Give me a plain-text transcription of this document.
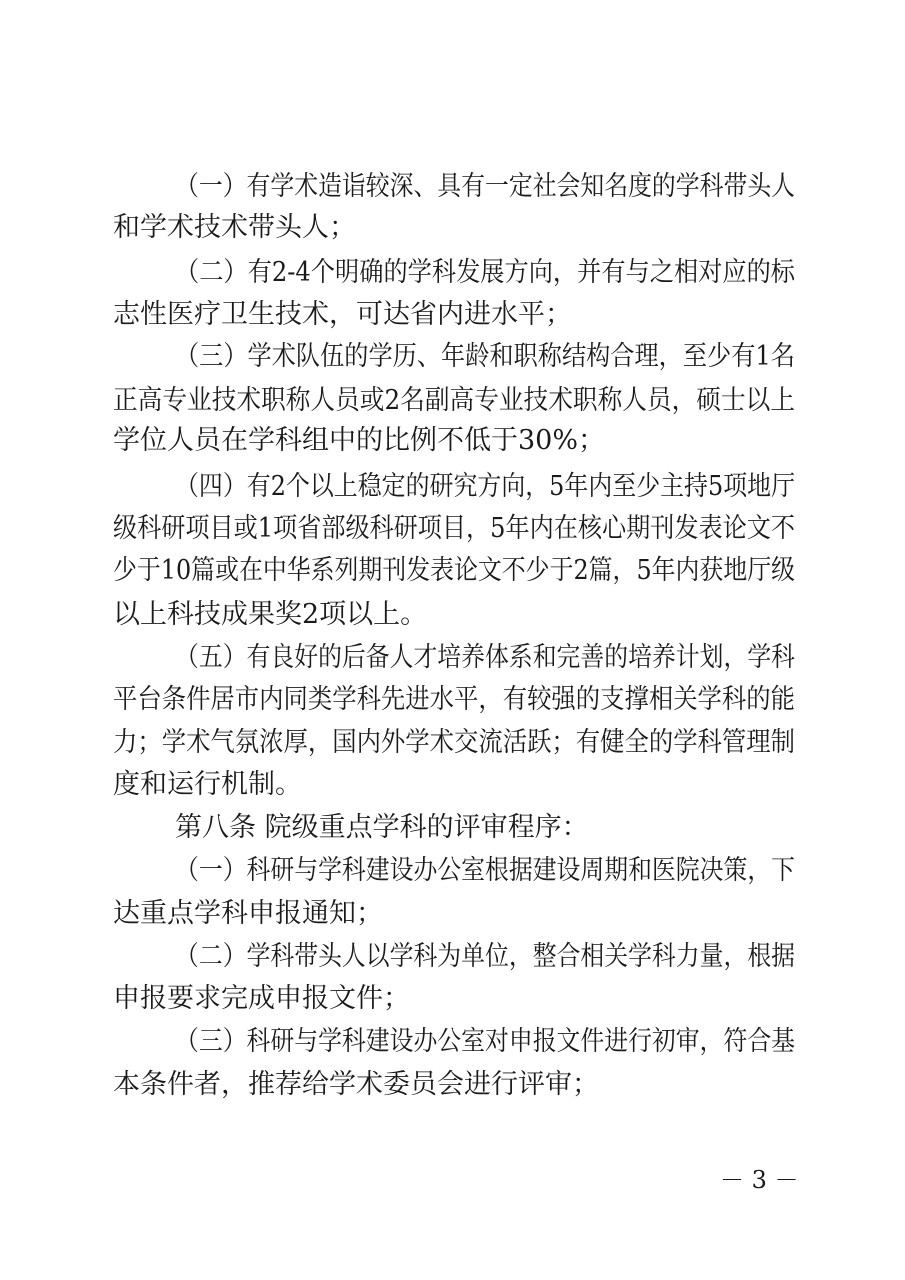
（一）有学术造诣较深、具有一定社会知名度的学科带头人
和学术技术带头人；
（二）有2-4个明确的学科发展方向，并有与之相对应的标
志性医疗卫生技术，可达省内进水平；
（三）学术队伍的学历、年龄和职称结构合理，至少有1名
正高专业技术职称人员或2名副高专业技术职称人员，硕士以上
学位人员在学科组中的比例不低于30%；
（四）有2个以上稳定的研究方向，5年内至少主持5项地厅
级科研项目或1项省部级科研项目，5年内在核心期刊发表论文不
少于10篇或在中华系列期刊发表论文不少于2篇，5年内获地厅级
以上科技成果奖2项以上。
（五）有良好的后备人才培养体系和完善的培养计划，学科
平台条件居市内同类学科先进水平，有较强的支撑相关学科的能
力；学术气氛浓厚，国内外学术交流活跃；有健全的学科管理制
度和运行机制。
第八条 院级重点学科的评审程序：
（一）科研与学科建设办公室根据建设周期和医院决策，下
达重点学科申报通知；
（二）学科带头人以学科为单位，整合相关学科力量，根据
申报要求完成申报文件；
（三）科研与学科建设办公室对申报文件进行初审，符合基
本条件者，推荐给学术委员会进行评审；
－ 3 －
